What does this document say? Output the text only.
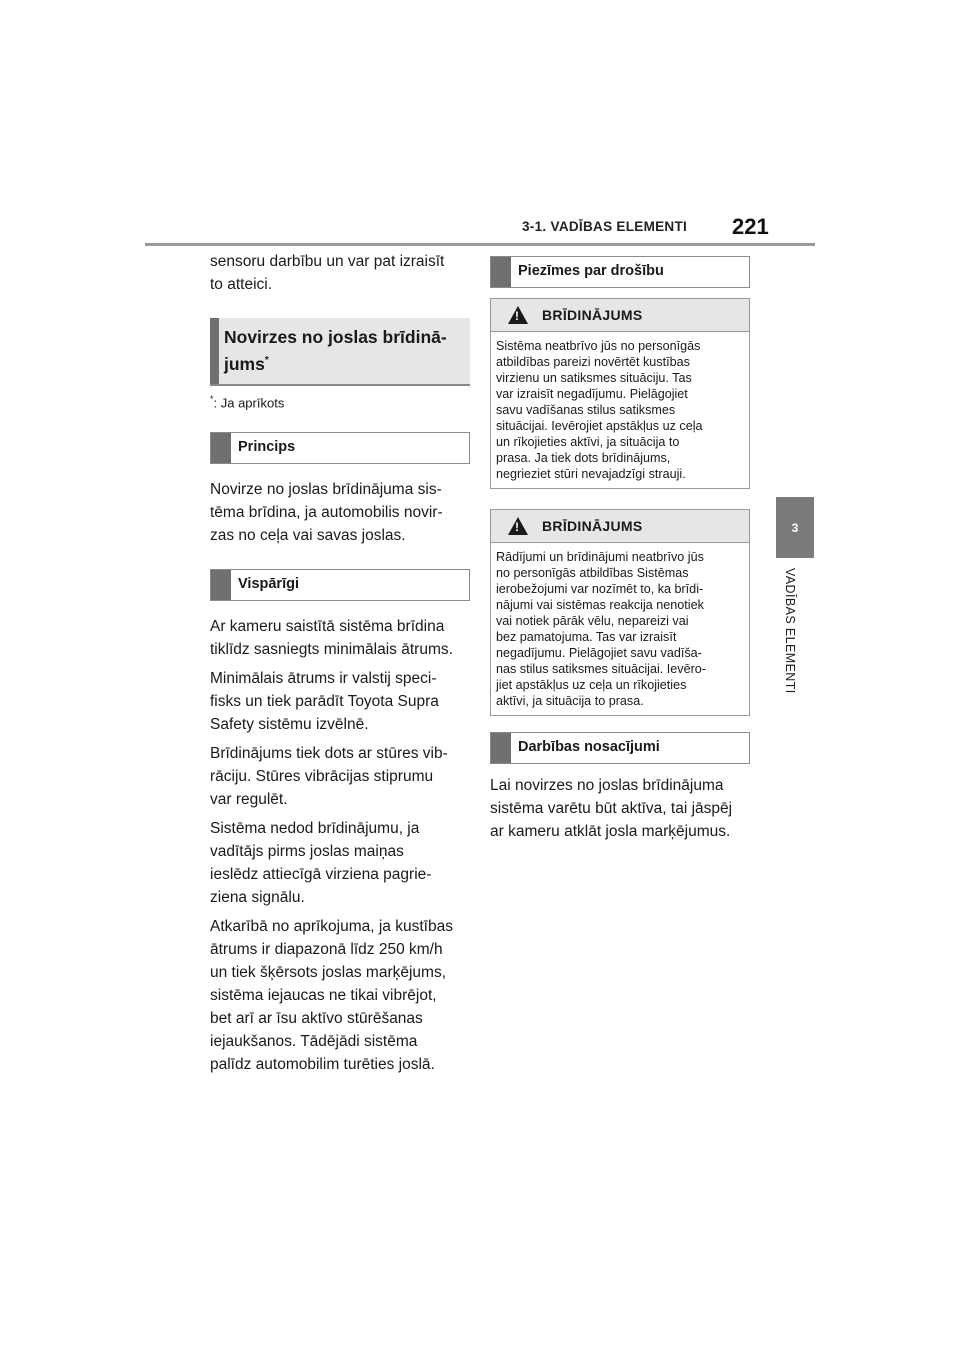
3-1. VADĪBAS ELEMENTI 221
3
VADĪBAS ELEMENTI

sensoru darbību un var pat izraisīt
to atteici.

Novirzes no joslas brīdinā-
jums*
*: Ja aprīkots
Princips

Novirze no joslas brīdinājuma sis-
tēma brīdina, ja automobilis novir-
zas no ceļa vai savas joslas.

Vispārīgi

Ar kameru saistītā sistēma brīdina
tiklīdz sasniegts minimālais ātrums.

Minimālais ātrums ir valstij speci-
fisks un tiek parādīt Toyota Supra
Safety sistēmu izvēlnē.

Brīdinājums tiek dots ar stūres vib-
rāciju. Stūres vibrācijas stiprumu
var regulēt.

Sistēma nedod brīdinājumu, ja
vadītājs pirms joslas maiņas
ieslēdz attiecīgā virziena pagrie-
ziena signālu.

Atkarībā no aprīkojuma, ja kustības
ātrums ir diapazonā līdz 250 km/h
un tiek šķērsots joslas marķējums,
sistēma iejaucas ne tikai vibrējot,
bet arī ar īsu aktīvo stūrēšanas
iejaukšanos. Tādējādi sistēma
palīdz automobilim turēties joslā.

Piezīmes par drošību
!
BRĪDINĀJUMS
Sistēma neatbrīvo jūs no personīgās
atbildības pareizi novērtēt kustības
virzienu un satiksmes situāciju. Tas
var izraisīt negadījumu. Pielāgojiet
savu vadīšanas stilus satiksmes
situācijai. Ievērojiet apstākļus uz ceļa
un rīkojieties aktīvi, ja situācija to
prasa. Ja tiek dots brīdinājums,
negrieziet stūri nevajadzīgi strauji.
!
BRĪDINĀJUMS
Rādījumi un brīdinājumi neatbrīvo jūs
no personīgās atbildības Sistēmas
ierobežojumi var nozīmēt to, ka brīdi-
nājumi vai sistēmas reakcija nenotiek
vai notiek pārāk vēlu, nepareizi vai
bez pamatojuma. Tas var izraisīt
negadījumu. Pielāgojiet savu vadīša-
nas stilus satiksmes situācijai. Ievēro-
jiet apstākļus uz ceļa un rīkojieties
aktīvi, ja situācija to prasa.
Darbības nosacījumi

Lai novirzes no joslas brīdinājuma
sistēma varētu būt aktīva, tai jāspēj
ar kameru atklāt josla marķējumus.
